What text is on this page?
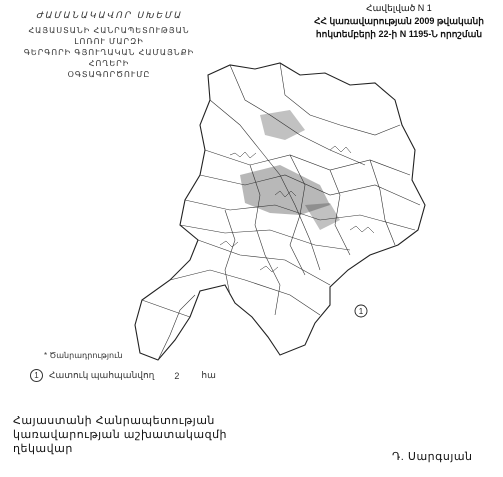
ԺԱՄԱՆԱԿԱՎՈՐ ՍԽԵՄԱ
ՀԱՅԱՍՏԱՆԻ ՀԱՆՐԱՊԵՏՈՒԹՅԱՆ ԼՈՌՈՒ ՄԱՐԶԻ
ԳԵՐԳՈՐԻ ԳՅՈՒՂԱԿԱՆ ՀԱՄԱՅՆՔԻ ՀՈՂԵՐԻ
ՕԳՏԱԳՈՐԾՈՒՄԸ
Հավելված N 1
ՀՀ կառավարության 2009 թվականի
հոկտեմբերի 22-ի N 1195-Ն որոշման
1
* Ծանրադրություն
1	Հատուկ պահպանվող 2 հա
Հայաստանի Հանրապետության
կառավարության աշխատակազմի
ղեկավար
Դ. Սարգսյան
